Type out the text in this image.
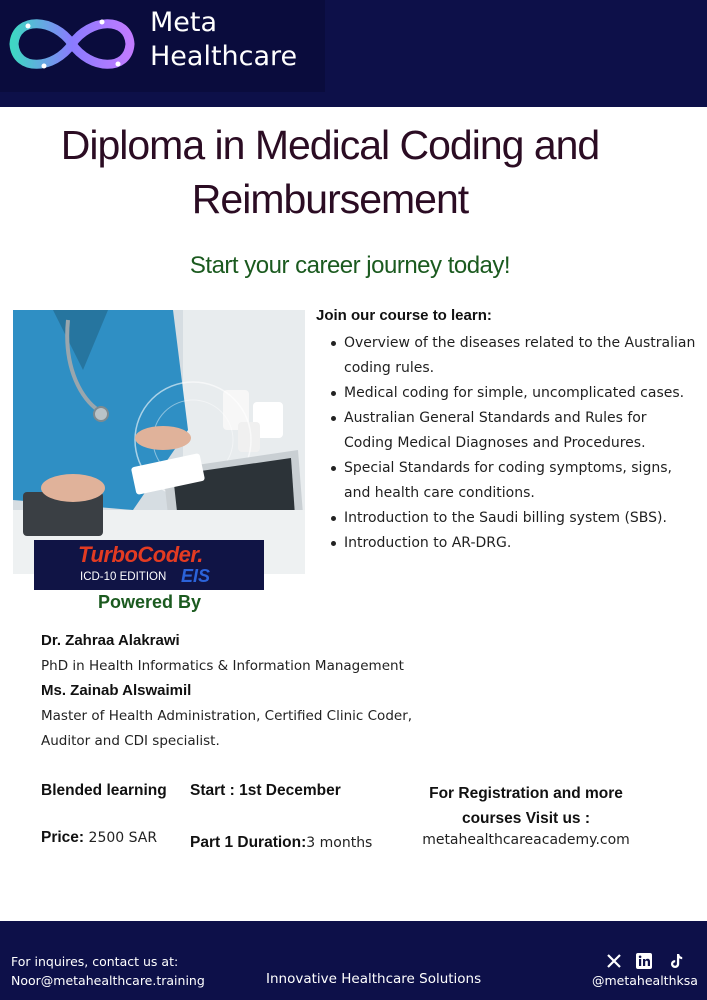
Meta
Healthcare
Diploma in Medical Coding and
Reimbursement
Start your career journey today!
TurboCoder.
ICD-10 EDITION EIS
Powered By
Join our course to learn:
Overview of the diseases related to the Australian coding rules.
Medical coding for simple, uncomplicated cases.
Australian General Standards and Rules for Coding Medical Diagnoses and Procedures.
Special Standards for coding symptoms, signs, and health care conditions.
Introduction to the Saudi billing system (SBS).
Introduction to AR-DRG.
Dr. Zahraa Alakrawi
PhD in Health Informatics & Information Management
Ms. Zainab Alswaimil
Master of Health Administration, Certified Clinic Coder,
Auditor and CDI specialist.
Blended learning
Price: 2500 SAR
Start : 1st December
Part 1 Duration:3 months
For Registration and more
courses Visit us :
metahealthcareacademy.com
For inquires, contact us at:
Noor@metahealthcare.training	Innovative Healthcare Solutions	@metahealthksa
